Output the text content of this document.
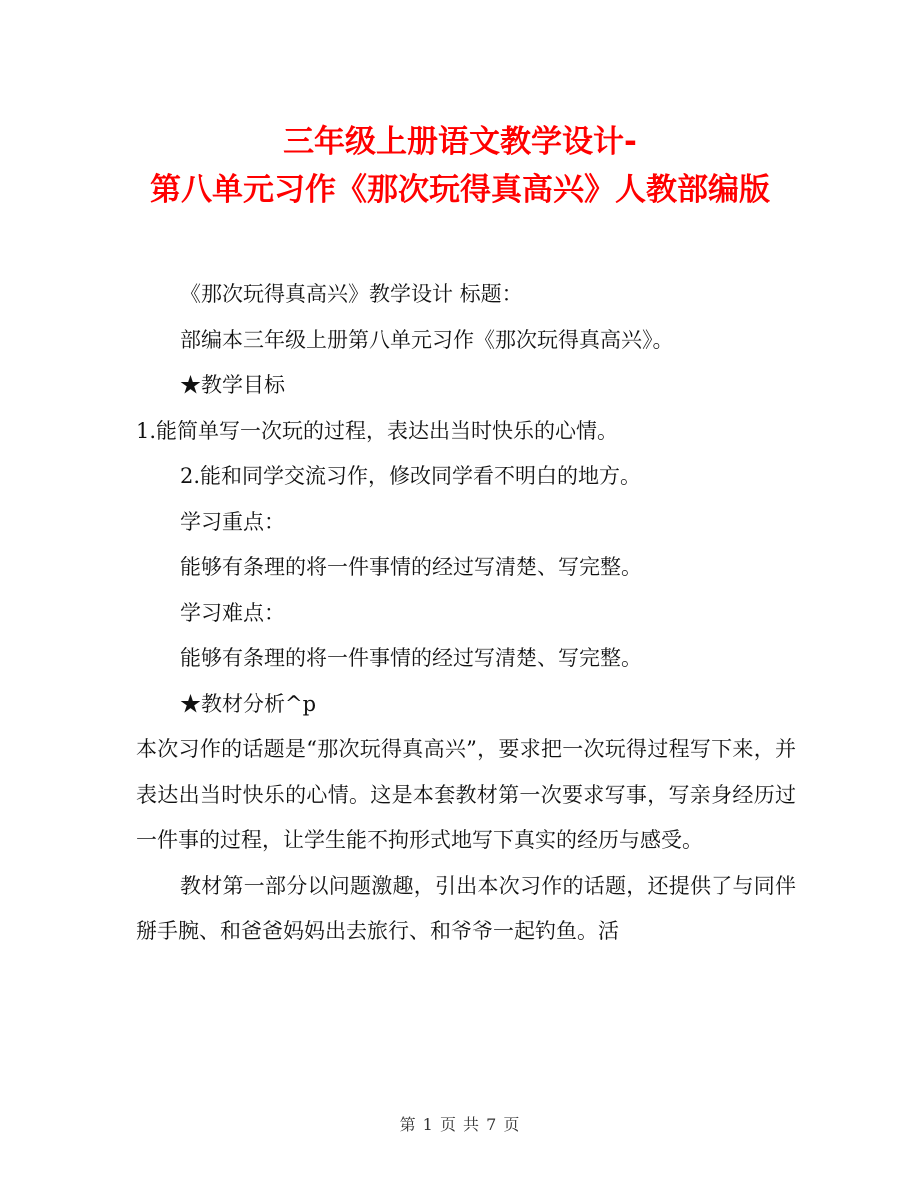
三年级上册语文教学设计-
第八单元习作《那次玩得真高兴》人教部编版

《那次玩得真高兴》教学设计 标题：

部编本三年级上册第八单元习作《那次玩得真高兴》。

★教学目标

1.能简单写一次玩的过程，表达出当时快乐的心情。

2.能和同学交流习作，修改同学看不明白的地方。

学习重点：

能够有条理的将一件事情的经过写清楚、写完整。

学习难点：

能够有条理的将一件事情的经过写清楚、写完整。

★教材分析^p

本次习作的话题是“那次玩得真高兴”，要求把一次玩得过程写下来，并表达出当时快乐的心情。这是本套教材第一次要求写事，写亲身经历过一件事的过程，让学生能不拘形式地写下真实的经历与感受。

教材第一部分以问题激趣，引出本次习作的话题，还提供了与同伴掰手腕、和爸爸妈妈出去旅行、和爷爷一起钓鱼。活

第 1 页 共 7 页
